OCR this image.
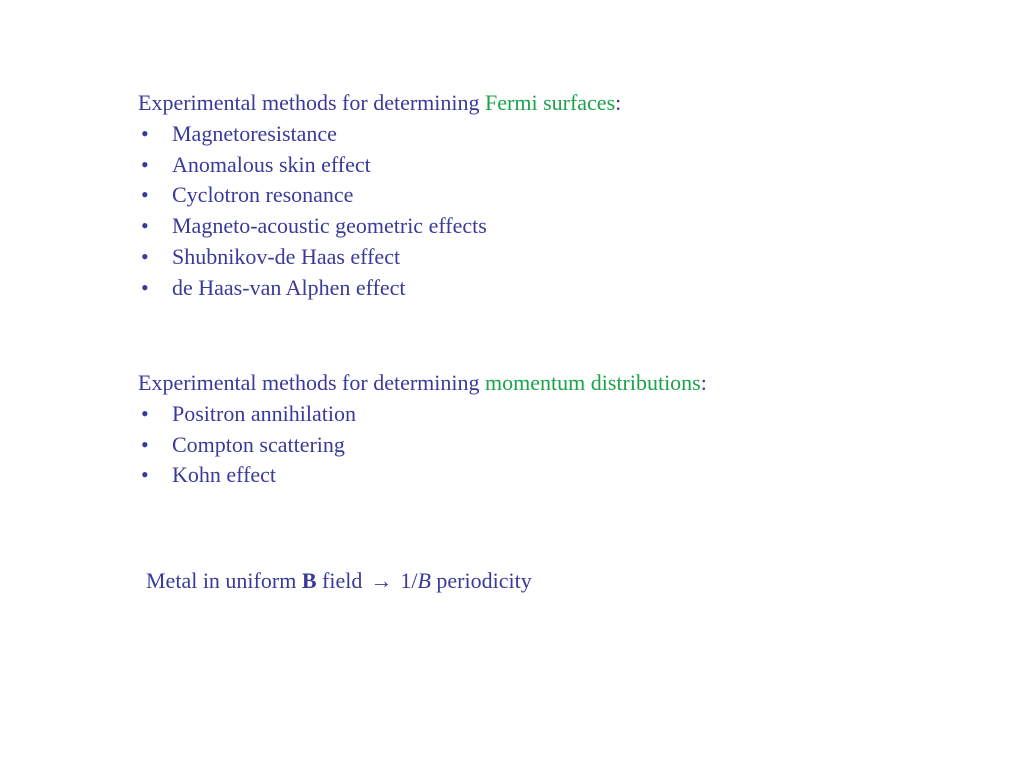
Experimental methods for determining Fermi surfaces:
• Magnetoresistance
• Anomalous skin effect
• Cyclotron resonance
• Magneto-acoustic geometric effects
• Shubnikov-de Haas effect
• de Haas-van Alphen effect
Experimental methods for determining momentum distributions:
• Positron annihilation
• Compton scattering
• Kohn effect
Metal in uniform B field → 1/B periodicity
